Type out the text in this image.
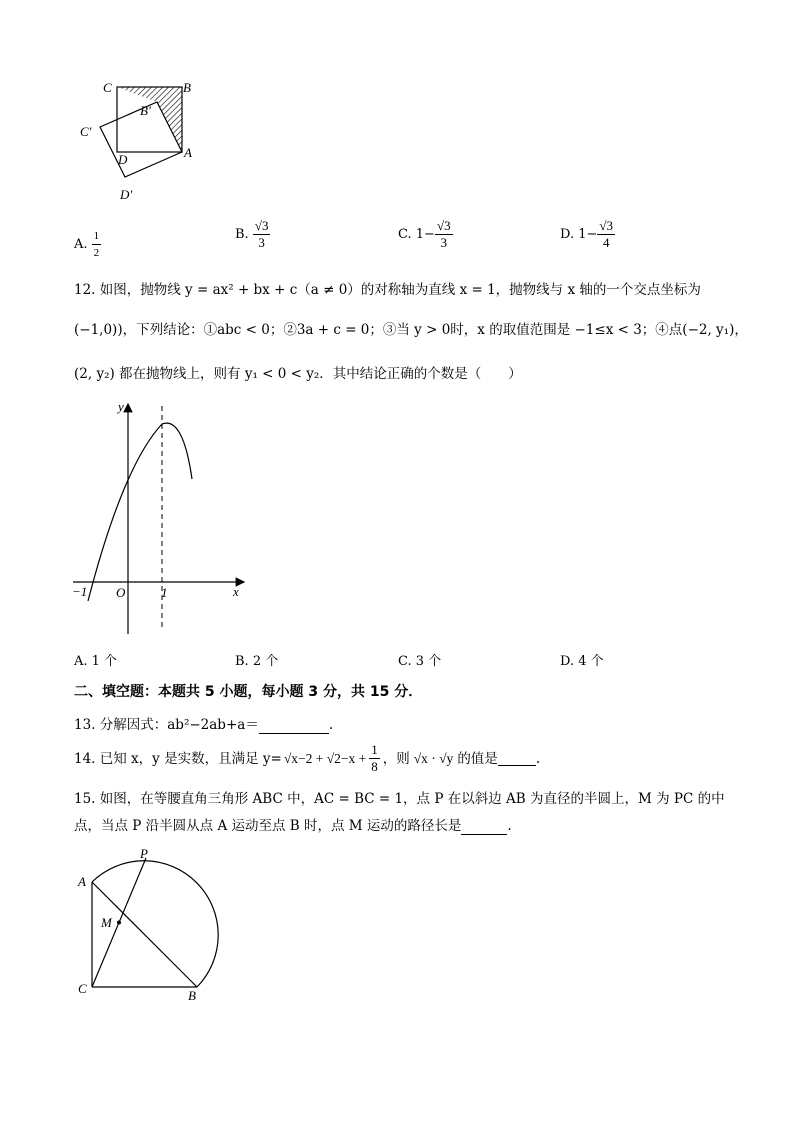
C	B
B'
C'
D	A
D'
A. $\frac{1}{2}$	B. $\frac{√3}{3}$	C. $1- \frac{√3}{3}$	D. $1- \frac{√3}{4}$
12. 如图，抛物线 y = ax² + bx + c（a ≠ 0）的对称轴为直线 x = 1，抛物线与 x 轴的一个交点坐标为
(−1,0))，下列结论：①abc < 0；②3a + c = 0；③当 y > 0时，x 的取值范围是 −1≤x < 3；④点(−2, y₁)，
(2, y₂) 都在抛物线上，则有 y₁ < 0 < y₂．其中结论正确的个数是（　　）
y
x
−1 O	1
A. 1 个	B. 2 个	C. 3 个	D. 4 个
二、填空题：本题共 5 小题，每小题 3 分，共 15 分．
13. 分解因式：ab²−2ab+a＝	.
14. 已知 x，y 是实数，且满足 $y= √x-2 + √2-x + \frac{1}{8}$ ，则 √x · √y 的值是	.
15. 如图，在等腰直角三角形 ABC 中，AC = BC = 1，点 P 在以斜边 AB 为直径的半圆上，M 为 PC 的中
点，当点 P 沿半圆从点 A 运动至点 B 时，点 M 运动的路径长是	.
P
A
M
C	B
